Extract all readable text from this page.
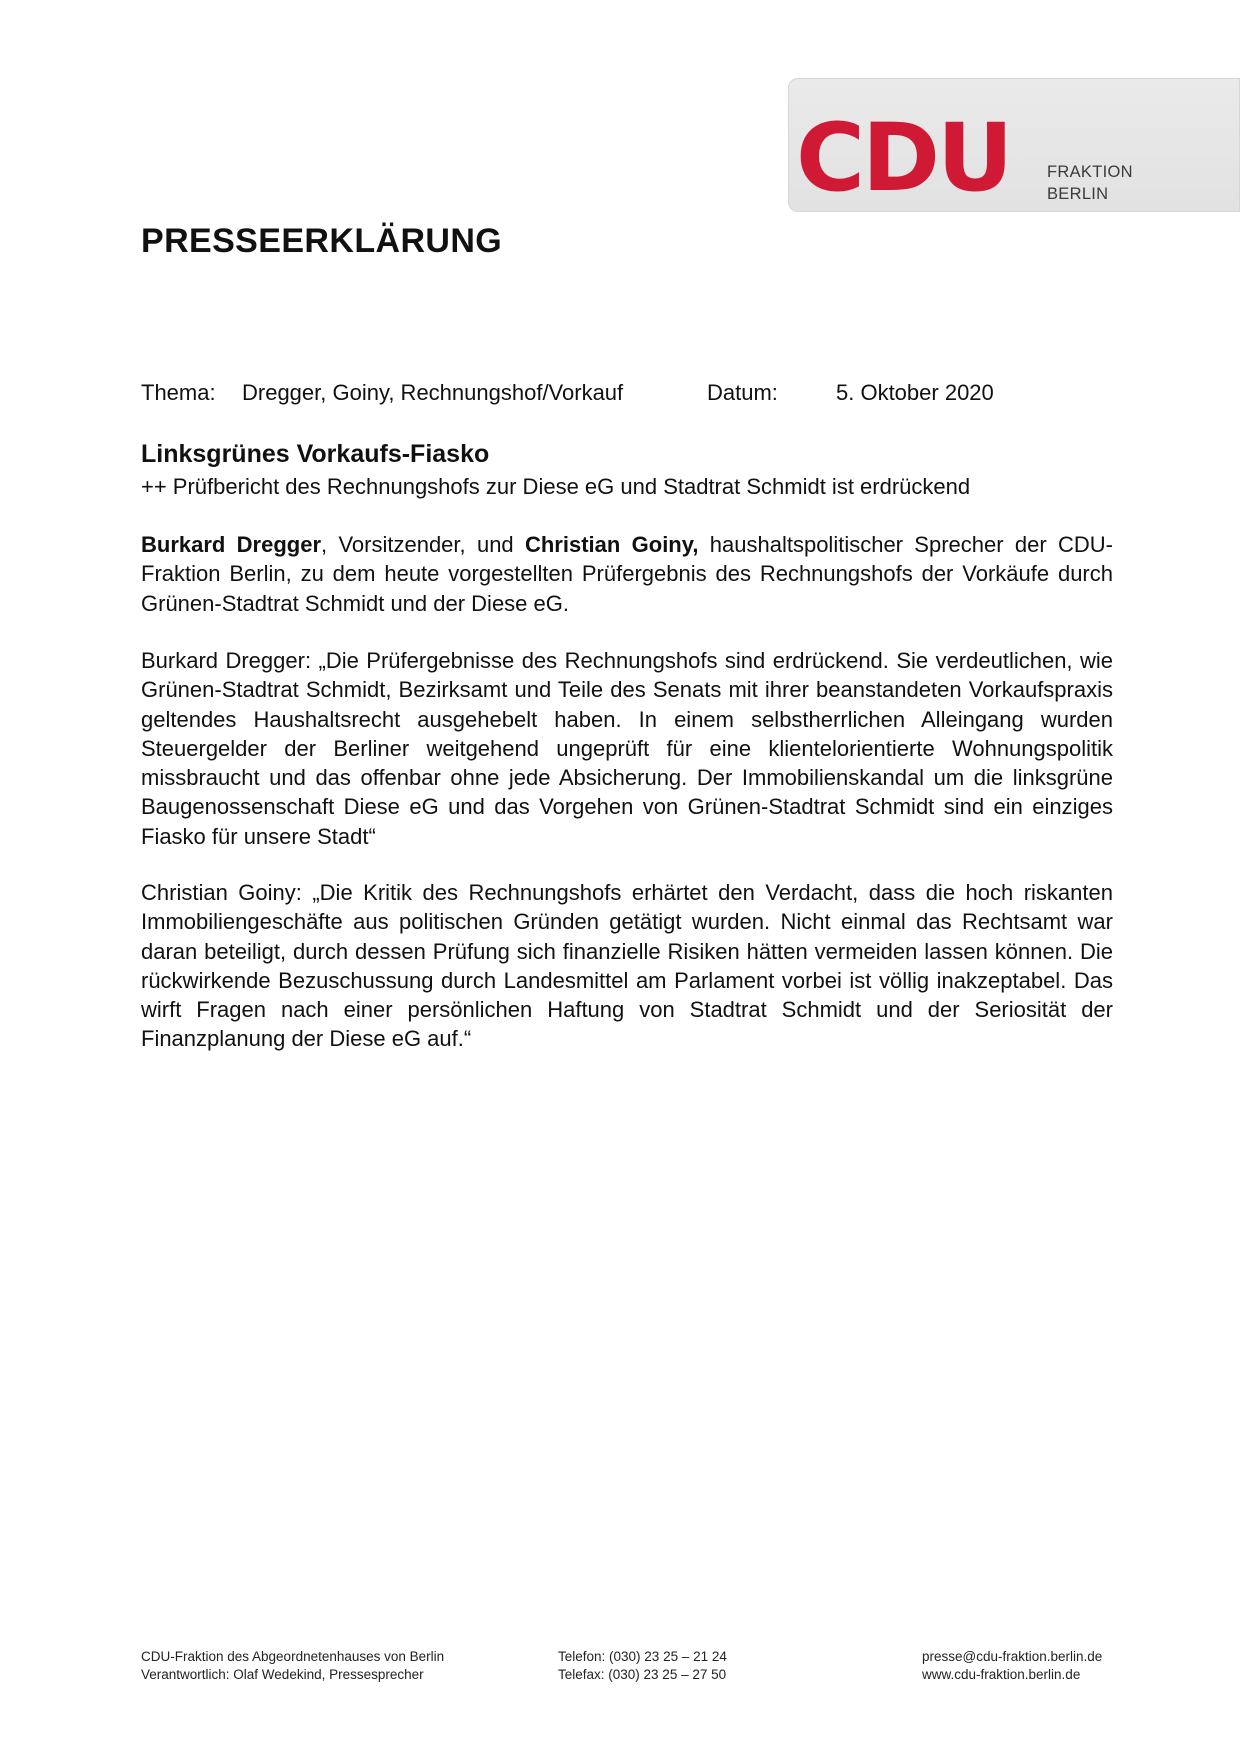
CDU FRAKTION
BERLIN
PRESSEERKLÄRUNG
Thema: Dregger, Goiny, Rechnungshof/Vorkauf	Datum:	5. Oktober 2020
Linksgrünes Vorkaufs-Fiasko
++ Prüfbericht des Rechnungshofs zur Diese eG und Stadtrat Schmidt ist erdrückend
Burkard Dregger, Vorsitzender, und Christian Goiny, haushaltspolitischer Sprecher der CDU-Fraktion Berlin, zu dem heute vorgestellten Prüfergebnis des Rechnungshofs der Vorkäufe durch Grünen-Stadtrat Schmidt und der Diese eG.
Burkard Dregger: „Die Prüfergebnisse des Rechnungshofs sind erdrückend. Sie verdeutlichen, wie Grünen-Stadtrat Schmidt, Bezirksamt und Teile des Senats mit ihrer beanstandeten Vorkaufspraxis geltendes Haushaltsrecht ausgehebelt haben. In einem selbstherrlichen Alleingang wurden Steuergelder der Berliner weitgehend ungeprüft für eine klientelorientierte Wohnungspolitik missbraucht und das offenbar ohne jede Absicherung. Der Immobilienskandal um die linksgrüne Baugenossenschaft Diese eG und das Vorgehen von Grünen-Stadtrat Schmidt sind ein einziges Fiasko für unsere Stadt“
Christian Goiny: „Die Kritik des Rechnungshofs erhärtet den Verdacht, dass die hoch riskanten Immobiliengeschäfte aus politischen Gründen getätigt wurden. Nicht einmal das Rechtsamt war daran beteiligt, durch dessen Prüfung sich finanzielle Risiken hätten vermeiden lassen können. Die rückwirkende Bezuschussung durch Landesmittel am Parlament vorbei ist völlig inakzeptabel. Das wirft Fragen nach einer persönlichen Haftung von Stadtrat Schmidt und der Seriosität der Finanzplanung der Diese eG auf.“
CDU-Fraktion des Abgeordnetenhauses von Berlin
Verantwortlich: Olaf Wedekind, Pressesprecher
Telefon: (030) 23 25 – 21 24
Telefax: (030) 23 25 – 27 50
presse@cdu-fraktion.berlin.de
www.cdu-fraktion.berlin.de
